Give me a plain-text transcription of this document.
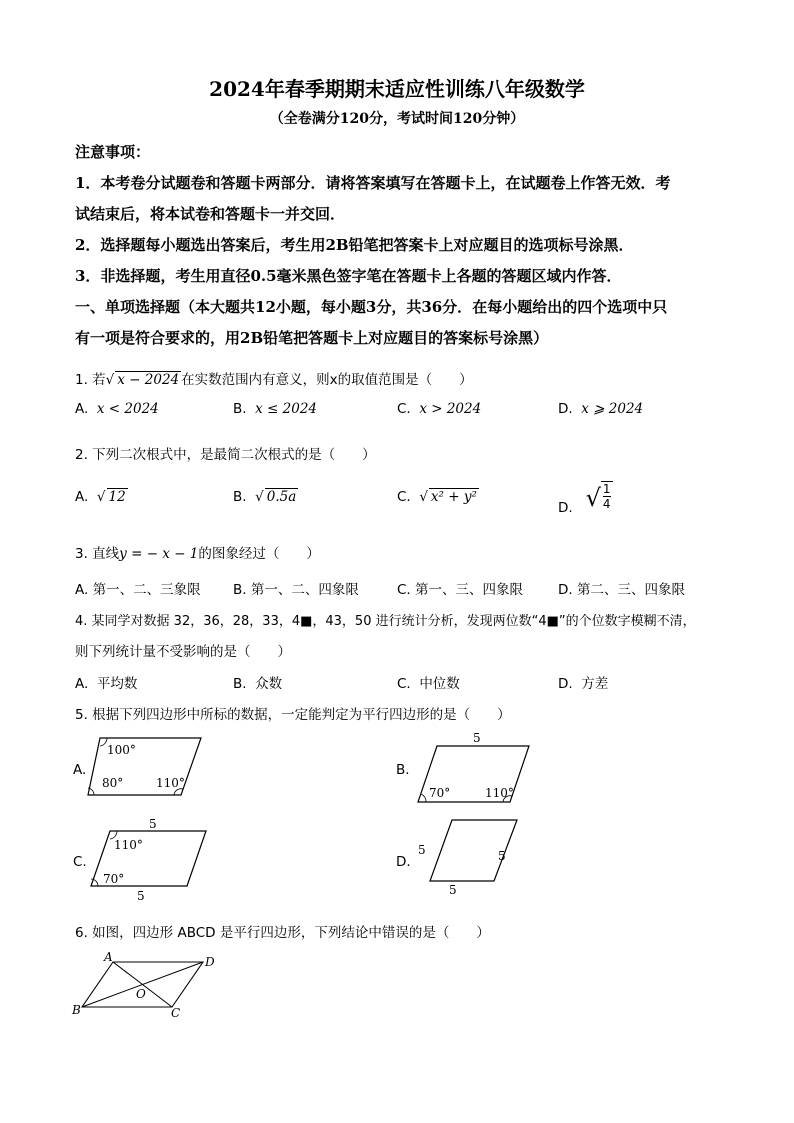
2024年春季期期末适应性训练八年级数学
（全卷满分120分，考试时间120分钟）
注意事项：
1．本考卷分试题卷和答题卡两部分．请将答案填写在答题卡上，在试题卷上作答无效．考
试结束后，将本试卷和答题卡一并交回．
2．选择题每小题选出答案后，考生用2B铅笔把答案卡上对应题目的选项标号涂黑．
3．非选择题，考生用直径0.5毫米黑色签字笔在答题卡上各题的答题区域内作答．
一、单项选择题（本大题共12小题，每小题3分，共36分．在每小题给出的四个选项中只
有一项是符合要求的，用2B铅笔把答题卡上对应题目的答案标号涂黑）
1. 若√ x − 2024 在实数范围内有意义，则x的取值范围是（　　）
A. x < 2024	B. x ≤ 2024	C. x > 2024	D. x ⩾ 2024
2. 下列二次根式中，是最简二次根式的是（　　）
A. √ 12	B. √ 0.5a	C. √ x² + y²
D. √ $\frac{1}{4}$
3. 直线y = − x − 1的图象经过（　　）
A. 第一、二、三象限 B. 第一、二、四象限	C. 第一、三、四象限	D. 第二、三、四象限
4. 某同学对数据 32，36，28，33，4■，43，50 进行统计分析，发现两位数“4■”的个位数字模糊不清，
则下列统计量不受影响的是（　　）
A. 平均数	B. 众数	C. 中位数	D. 方差
5. 根据下列四边形中所标的数据，一定能判定为平行四边形的是（　　）
A.
100°
80°	110°
B.
5
70°	110°
C.
5
110°
70°
5
D.
5	5
5
6. 如图，四边形 ABCD 是平行四边形，下列结论中错误的是（　　）
A	D
B	C
O
